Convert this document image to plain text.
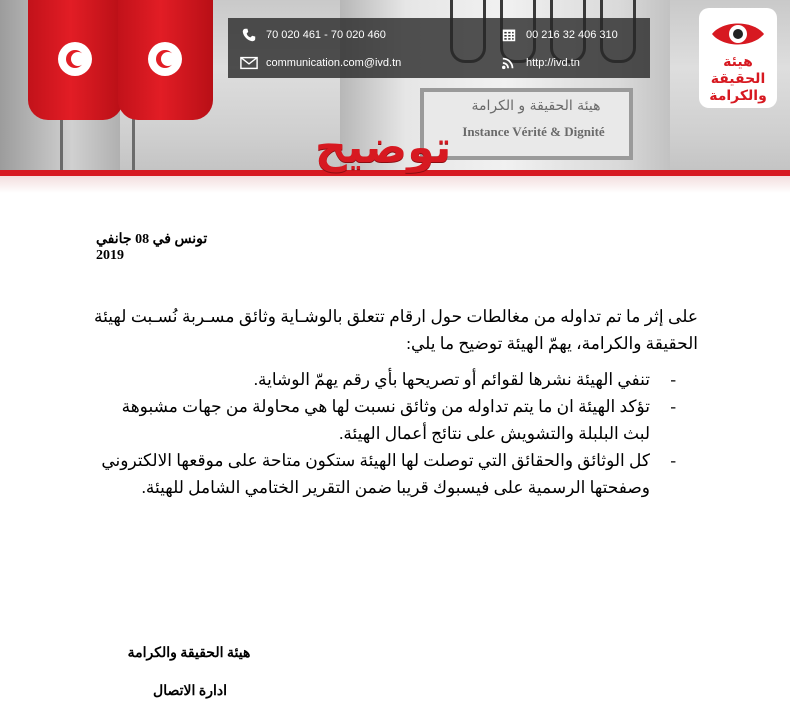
هيئة الحقيقة و الكرامة
Instance Vérité & Dignité
70 020 461 - 70 020 460
communication.com@ivd.tn
00 216 32 406 310
http://ivd.tn	هيئة
الحقيقة
والكرامة
توضيح
تونس في 08 جانفي 2019
على إثر ما تم تداوله من مغالطات حول ارقام تتعلق بالوشـاية وثائق مسـربة نُسـبت لهيئة الحقيقة والكرامة، يهمّ الهيئة توضيح ما يلي:
-
تنفي الهيئة نشرها لقوائم أو تصريحها بأي رقم يهمّ الوشاية.
-
تؤكد الهيئة ان ما يتم تداوله من وثائق نسبت لها هي محاولة من جهات مشبوهة لبث البلبلة والتشويش على نتائج أعمال الهيئة.
-
كل الوثائق والحقائق التي توصلت لها الهيئة ستكون متاحة على موقعها الالكتروني وصفحتها الرسمية على فيسبوك قريبا ضمن التقرير الختامي الشامل للهيئة.
هيئة الحقيقة والكرامة
ادارة الاتصال
